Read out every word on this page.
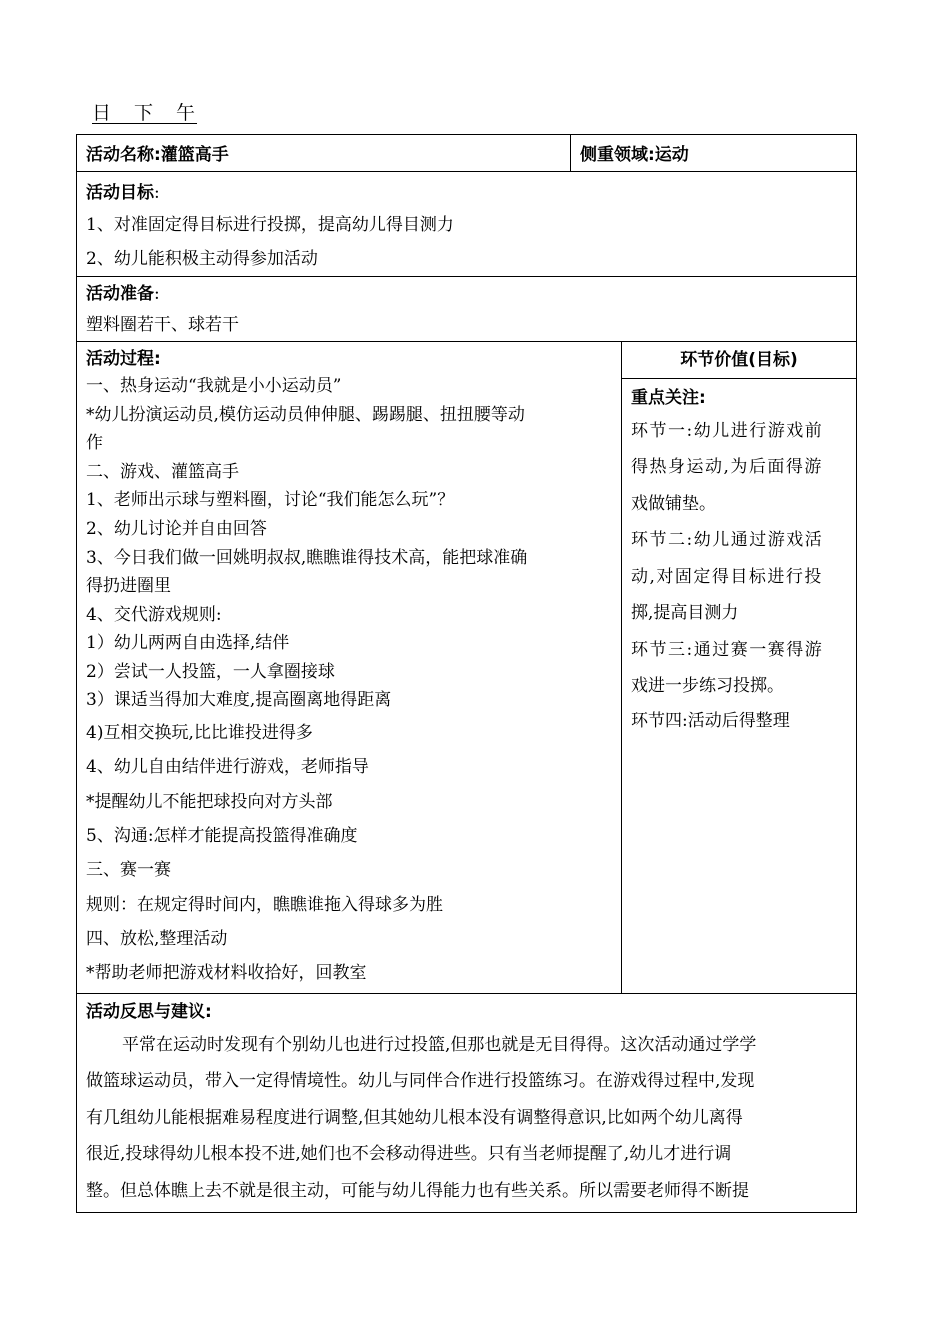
日　下　午
活动名称:灌篮高手	侧重领域:运动
活动目标:
1、对准固定得目标进行投掷，提高幼儿得目测力
2、幼儿能积极主动得参加活动
活动准备:
塑料圈若干、球若干
活动过程:
一、热身运动“我就是小小运动员”
*幼儿扮演运动员,模仿运动员伸伸腿、踢踢腿、扭扭腰等动
作
二、游戏、灌篮高手
1、老师出示球与塑料圈，讨论“我们能怎么玩”？
2、幼儿讨论并自由回答
3、今日我们做一回姚明叔叔,瞧瞧谁得技术高，能把球准确
得扔进圈里
4、交代游戏规则:
1）幼儿两两自由选择,结伴
2）尝试一人投篮，一人拿圈接球
3）课适当得加大难度,提高圈离地得距离
4)互相交换玩,比比谁投进得多
4、幼儿自由结伴进行游戏，老师指导
*提醒幼儿不能把球投向对方头部
5、沟通:怎样才能提高投篮得准确度
三、赛一赛
规则：在规定得时间内，瞧瞧谁拖入得球多为胜
四、放松,整理活动
*帮助老师把游戏材料收拾好，回教室
环节价值(目标)
重点关注:
环节一:幼儿进行游戏前
得热身运动,为后面得游
戏做铺垫。
环节二:幼儿通过游戏活
动,对固定得目标进行投
掷,提高目测力
环节三:通过赛一赛得游
戏进一步练习投掷。
环节四:活动后得整理
活动反思与建议:
平常在运动时发现有个别幼儿也进行过投篮,但那也就是无目得得。这次活动通过学学
做篮球运动员，带入一定得情境性。幼儿与同伴合作进行投篮练习。在游戏得过程中,发现
有几组幼儿能根据难易程度进行调整,但其她幼儿根本没有调整得意识,比如两个幼儿离得
很近,投球得幼儿根本投不进,她们也不会移动得进些。只有当老师提醒了,幼儿才进行调
整。但总体瞧上去不就是很主动，可能与幼儿得能力也有些关系。所以需要老师得不断提
